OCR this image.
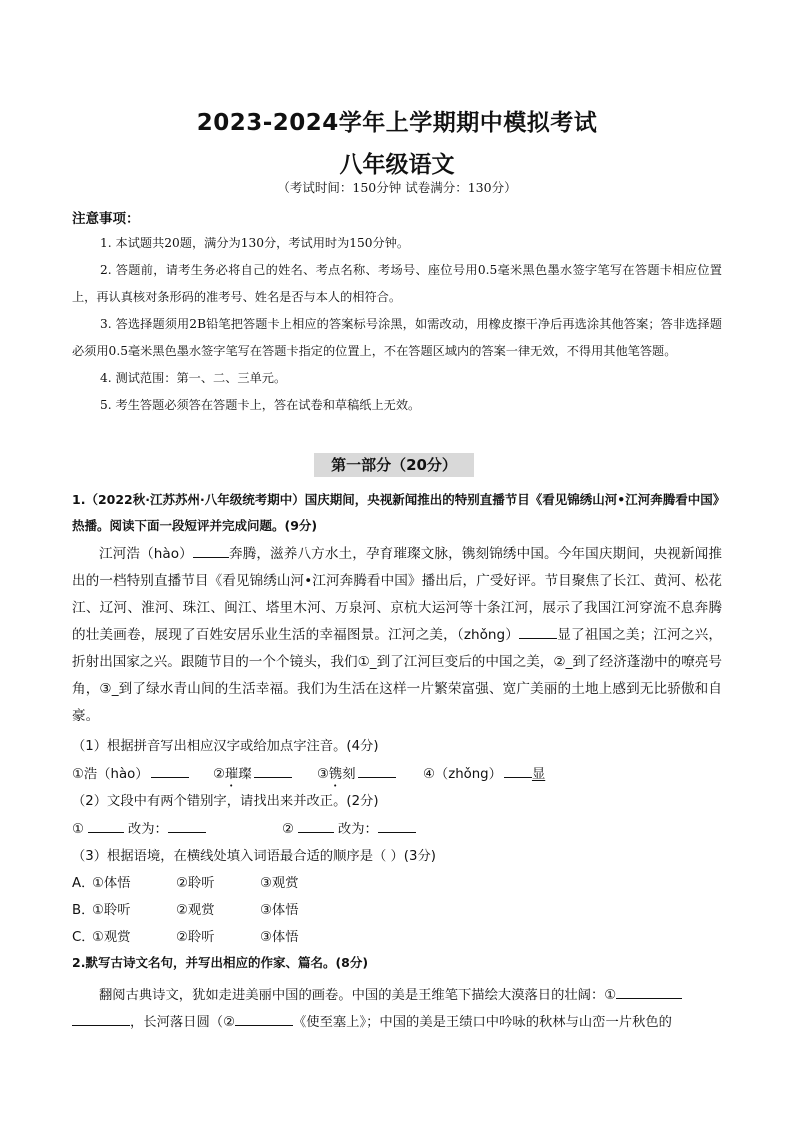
2023-2024学年上学期期中模拟考试
八年级语文
（考试时间：150分钟 试卷满分：130分）
注意事项：

1. 本试题共20题，满分为130分，考试用时为150分钟。

2. 答题前，请考生务必将自己的姓名、考点名称、考场号、座位号用0.5毫米黑色墨水签字笔写在答题卡相应位置上，再认真核对条形码的准考号、姓名是否与本人的相符合。

3. 答选择题须用2B铅笔把答题卡上相应的答案标号涂黑，如需改动，用橡皮擦干净后再选涂其他答案；答非选择题必须用0.5毫米黑色墨水签字笔写在答题卡指定的位置上，不在答题区域内的答案一律无效，不得用其他笔答题。

4. 测试范围：第一、二、三单元。

5. 考生答题必须答在答题卡上，答在试卷和草稿纸上无效。

第一部分（20分）
1.（2022秋·江苏苏州·八年级统考期中）国庆期间，央视新闻推出的特别直播节目《看见锦绣山河•江河奔腾看中国》热播。阅读下面一段短评并完成问题。(9分)

江河浩（hào）	奔腾，滋养八方水土，孕育璀璨文脉，镌刻锦绣中国。今年国庆期间，央视新闻推出的一档特别直播节目《看见锦绣山河•江河奔腾看中国》播出后，广受好评。节目聚焦了长江、黄河、松花江、辽河、淮河、珠江、闽江、塔里木河、万泉河、京杭大运河等十条江河，展示了我国江河穿流不息奔腾的壮美画卷，展现了百姓安居乐业生活的幸福图景。江河之美，（zhǒng）	显了祖国之美；江河之兴，折射出国家之兴。跟随节目的一个个镜头，我们①_到了江河巨变后的中国之美，②_到了经济蓬渤中的嘹亮号角，③_到了绿水青山间的生活幸福。我们为生活在这样一片繁荣富强、宽广美丽的土地上感到无比骄傲和自豪。

（1）根据拼音写出相应汉字或给加点字注音。(4分)
①浩（hào）	②璀璨	③镌刻	④（zhǒng） 显
（2）文段中有两个错别字，请找出来并改正。(2分)
①	改为：	②	改为：
（3）根据语境，在横线处填入词语最合适的顺序是（ ）(3分)
A．
①体悟	②聆听	③观赏
B．
①聆听	②观赏	③体悟
C．
①观赏	②聆听	③体悟
2.默写古诗文名句，并写出相应的作家、篇名。(8分)
翻阅古典诗文，犹如走进美丽中国的画卷。中国的美是王维笔下描绘大漠落日的壮阔：①
，长河落日圆（②	《使至塞上》；中国的美是王绩口中吟咏的秋林与山峦一片秋色的
